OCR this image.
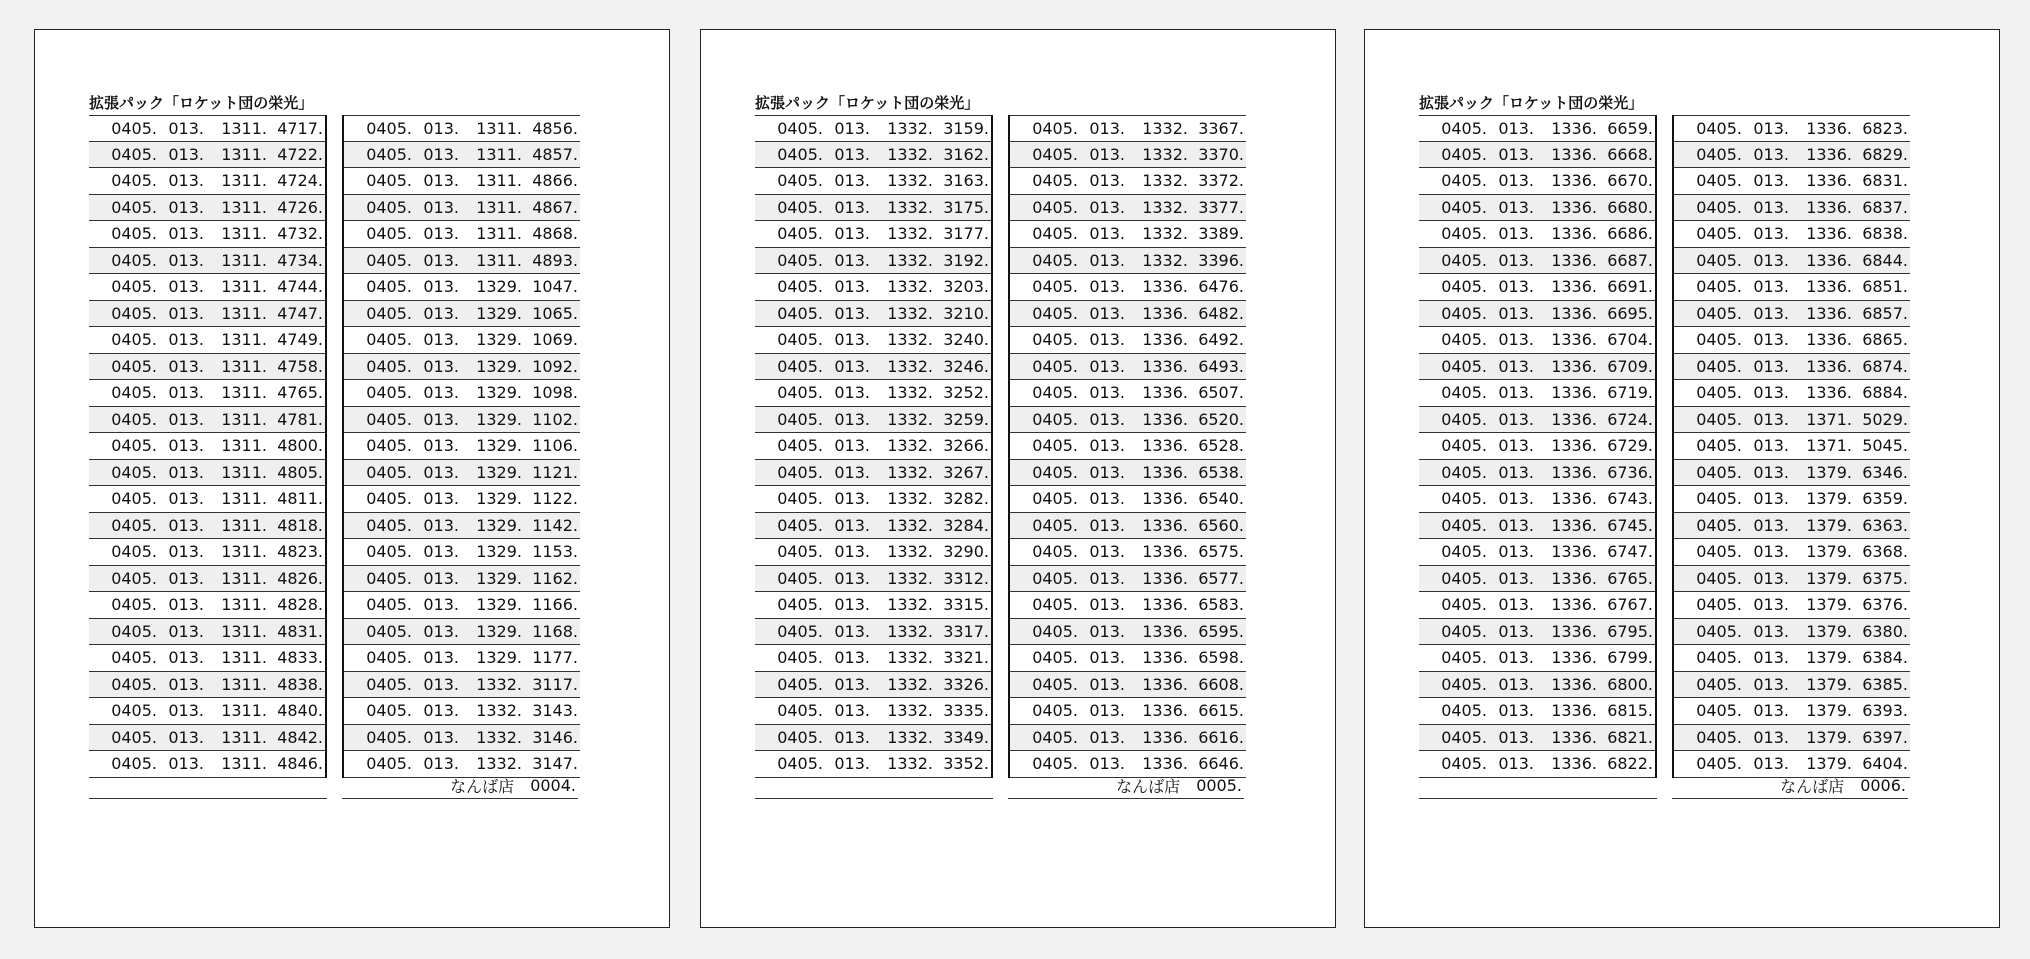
拡張パック「ロケット団の栄光」
0405. 013.	1311. 4717.
0405. 013.	1311. 4722.
0405. 013.	1311. 4724.
0405. 013.	1311. 4726.
0405. 013.	1311. 4732.
0405. 013.	1311. 4734.
0405. 013.	1311. 4744.
0405. 013.	1311. 4747.
0405. 013.	1311. 4749.
0405. 013.	1311. 4758.
0405. 013.	1311. 4765.
0405. 013.	1311. 4781.
0405. 013.	1311. 4800.
0405. 013.	1311. 4805.
0405. 013.	1311. 4811.
0405. 013.	1311. 4818.
0405. 013.	1311. 4823.
0405. 013.	1311. 4826.
0405. 013.	1311. 4828.
0405. 013.	1311. 4831.
0405. 013.	1311. 4833.
0405. 013.	1311. 4838.
0405. 013.	1311. 4840.
0405. 013.	1311. 4842.
0405. 013.	1311. 4846.
0405. 013.	1311. 4856.
0405. 013.	1311. 4857.
0405. 013.	1311. 4866.
0405. 013.	1311. 4867.
0405. 013.	1311. 4868.
0405. 013.	1311. 4893.
0405. 013.	1329. 1047.
0405. 013.	1329. 1065.
0405. 013.	1329. 1069.
0405. 013.	1329. 1092.
0405. 013.	1329. 1098.
0405. 013.	1329. 1102.
0405. 013.	1329. 1106.
0405. 013.	1329. 1121.
0405. 013.	1329. 1122.
0405. 013.	1329. 1142.
0405. 013.	1329. 1153.
0405. 013.	1329. 1162.
0405. 013.	1329. 1166.
0405. 013.	1329. 1168.
0405. 013.	1329. 1177.
0405. 013.	1332. 3117.
0405. 013.	1332. 3143.
0405. 013.	1332. 3146.
0405. 013.	1332. 3147.
なんば店 0004.
拡張パック「ロケット団の栄光」
0405. 013.	1332. 3159.
0405. 013.	1332. 3162.
0405. 013.	1332. 3163.
0405. 013.	1332. 3175.
0405. 013.	1332. 3177.
0405. 013.	1332. 3192.
0405. 013.	1332. 3203.
0405. 013.	1332. 3210.
0405. 013.	1332. 3240.
0405. 013.	1332. 3246.
0405. 013.	1332. 3252.
0405. 013.	1332. 3259.
0405. 013.	1332. 3266.
0405. 013.	1332. 3267.
0405. 013.	1332. 3282.
0405. 013.	1332. 3284.
0405. 013.	1332. 3290.
0405. 013.	1332. 3312.
0405. 013.	1332. 3315.
0405. 013.	1332. 3317.
0405. 013.	1332. 3321.
0405. 013.	1332. 3326.
0405. 013.	1332. 3335.
0405. 013.	1332. 3349.
0405. 013.	1332. 3352.
0405. 013.	1332. 3367.
0405. 013.	1332. 3370.
0405. 013.	1332. 3372.
0405. 013.	1332. 3377.
0405. 013.	1332. 3389.
0405. 013.	1332. 3396.
0405. 013.	1336. 6476.
0405. 013.	1336. 6482.
0405. 013.	1336. 6492.
0405. 013.	1336. 6493.
0405. 013.	1336. 6507.
0405. 013.	1336. 6520.
0405. 013.	1336. 6528.
0405. 013.	1336. 6538.
0405. 013.	1336. 6540.
0405. 013.	1336. 6560.
0405. 013.	1336. 6575.
0405. 013.	1336. 6577.
0405. 013.	1336. 6583.
0405. 013.	1336. 6595.
0405. 013.	1336. 6598.
0405. 013.	1336. 6608.
0405. 013.	1336. 6615.
0405. 013.	1336. 6616.
0405. 013.	1336. 6646.
なんば店 0005.
拡張パック「ロケット団の栄光」
0405. 013.	1336. 6659.
0405. 013.	1336. 6668.
0405. 013.	1336. 6670.
0405. 013.	1336. 6680.
0405. 013.	1336. 6686.
0405. 013.	1336. 6687.
0405. 013.	1336. 6691.
0405. 013.	1336. 6695.
0405. 013.	1336. 6704.
0405. 013.	1336. 6709.
0405. 013.	1336. 6719.
0405. 013.	1336. 6724.
0405. 013.	1336. 6729.
0405. 013.	1336. 6736.
0405. 013.	1336. 6743.
0405. 013.	1336. 6745.
0405. 013.	1336. 6747.
0405. 013.	1336. 6765.
0405. 013.	1336. 6767.
0405. 013.	1336. 6795.
0405. 013.	1336. 6799.
0405. 013.	1336. 6800.
0405. 013.	1336. 6815.
0405. 013.	1336. 6821.
0405. 013.	1336. 6822.
0405. 013.	1336. 6823.
0405. 013.	1336. 6829.
0405. 013.	1336. 6831.
0405. 013.	1336. 6837.
0405. 013.	1336. 6838.
0405. 013.	1336. 6844.
0405. 013.	1336. 6851.
0405. 013.	1336. 6857.
0405. 013.	1336. 6865.
0405. 013.	1336. 6874.
0405. 013.	1336. 6884.
0405. 013.	1371. 5029.
0405. 013.	1371. 5045.
0405. 013.	1379. 6346.
0405. 013.	1379. 6359.
0405. 013.	1379. 6363.
0405. 013.	1379. 6368.
0405. 013.	1379. 6375.
0405. 013.	1379. 6376.
0405. 013.	1379. 6380.
0405. 013.	1379. 6384.
0405. 013.	1379. 6385.
0405. 013.	1379. 6393.
0405. 013.	1379. 6397.
0405. 013.	1379. 6404.
なんば店 0006.
